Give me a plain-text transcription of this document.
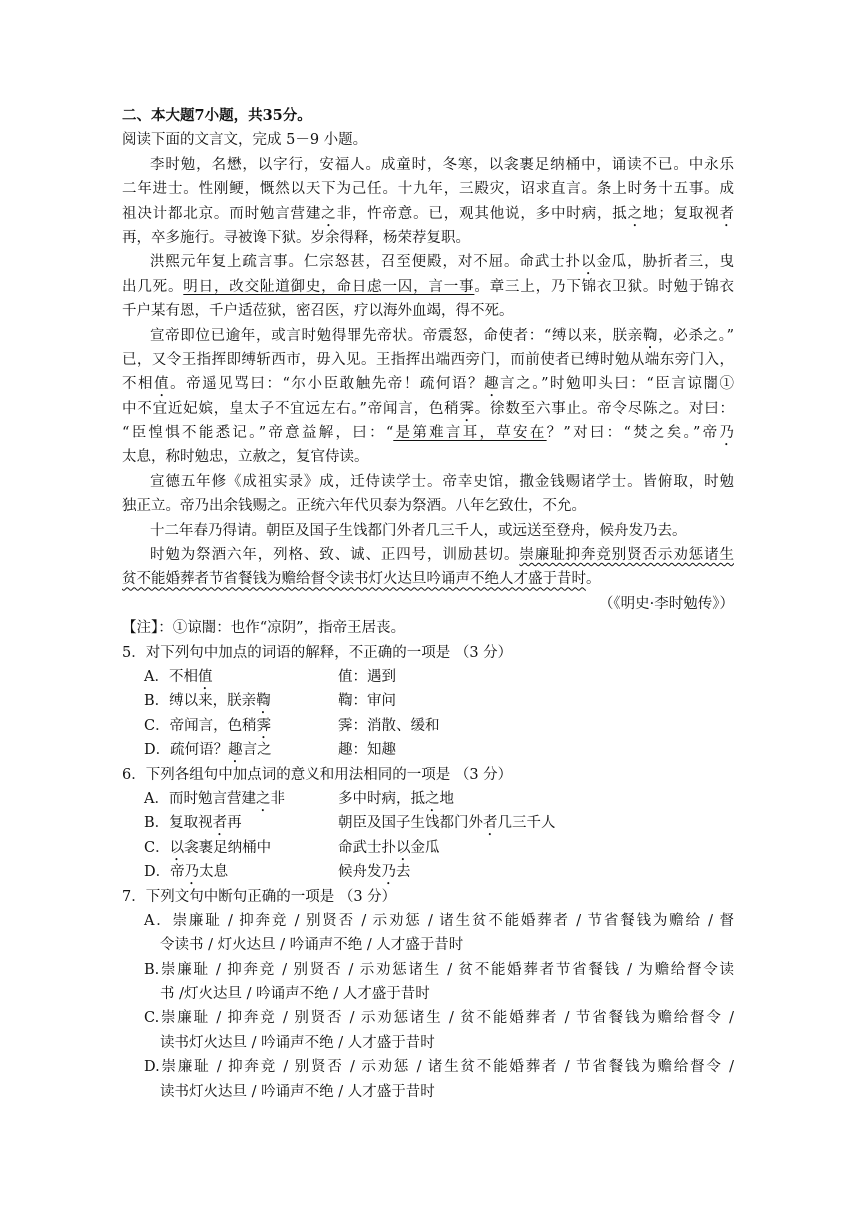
二、本大题7小题，共35分。
阅读下面的文言文，完成 5－9 小题。
李时勉，名懋，以字行，安福人。成童时，冬寒，以衾裹足纳桶中，诵读不已。中永乐
二年进士。性刚鲠，慨然以天下为己任。十九年，三殿灾，诏求直言。条上时务十五事。成
祖决计都北京。而时勉言营建之非，忤帝意。已，观其他说，多中时病，抵之地；复取视者
再，卒多施行。寻被谗下狱。岁余得释，杨荣荐复职。
洪熙元年复上疏言事。仁宗怒甚，召至便殿，对不屈。命武士扑以金瓜，胁折者三，曳
出几死。明日，改交阯道御史，命日虑一囚，言一事。章三上，乃下锦衣卫狱。时勉于锦衣
千户某有恩，千户适莅狱，密召医，疗以海外血竭，得不死。
宣帝即位已逾年，或言时勉得罪先帝状。帝震怒，命使者：“缚以来，朕亲鞫，必杀之。”
已，又令王指挥即缚斩西市，毋入见。王指挥出端西旁门，而前使者已缚时勉从端东旁门入，
不相值。帝遥见骂曰：“尔小臣敢触先帝！疏何语？趣言之。”时勉叩头曰：“臣言谅闇①
中不宜近妃嫔，皇太子不宜远左右。”帝闻言，色稍霁。徐数至六事止。帝令尽陈之。对曰：
“臣惶惧不能悉记。”帝意益解，曰：“是第难言耳，草安在？”对曰：“焚之矣。”帝乃
太息，称时勉忠，立赦之，复官侍读。
宣德五年修《成祖实录》成，迁侍读学士。帝幸史馆，撒金钱赐诸学士。皆俯取，时勉
独正立。帝乃出余钱赐之。正统六年代贝泰为祭酒。八年乞致仕，不允。
十二年春乃得请。朝臣及国子生饯都门外者几三千人，或远送至登舟，候舟发乃去。
时勉为祭酒六年，列格、致、诚、正四号，训励甚切。崇廉耻抑奔竞别贤否示劝惩诸生
贫不能婚葬者节省餐钱为赡给督令读书灯火达旦吟诵声不绝人才盛于昔时。
（《明史·李时勉传》）
【注】：①谅闇：也作“凉阴”，指帝王居丧。
5．对下列句中加点的词语的解释，不正确的一项是 （3 分）
A．不相值	值：遇到
B．缚以来，朕亲鞫	鞫：审问
C．帝闻言，色稍霁	霁：消散、缓和
D．疏何语？趣言之	趣：知趣
6．下列各组句中加点词的意义和用法相同的一项是 （3 分）
A．而时勉言营建之非	多中时病，抵之地
B．复取视者再	朝臣及国子生饯都门外者几三千人
C．以衾裹足纳桶中	命武士扑以金瓜
D．帝乃太息	候舟发乃去
7．下列文句中断句正确的一项是 （3 分）
A．崇廉耻 / 抑奔竞 / 别贤否 / 示劝惩 / 诸生贫不能婚葬者 / 节省餐钱为赡给 / 督
令读书 / 灯火达旦 / 吟诵声不绝 / 人才盛于昔时
B.崇廉耻 / 抑奔竞 / 别贤否 / 示劝惩诸生 / 贫不能婚葬者节省餐钱 / 为赡给督令读
书 /灯火达旦 / 吟诵声不绝 / 人才盛于昔时
C.崇廉耻 / 抑奔竞 / 别贤否 / 示劝惩诸生 / 贫不能婚葬者 / 节省餐钱为赡给督令 /
读书灯火达旦 / 吟诵声不绝 / 人才盛于昔时
D.崇廉耻 / 抑奔竞 / 别贤否 / 示劝惩 / 诸生贫不能婚葬者 / 节省餐钱为赡给督令 /
读书灯火达旦 / 吟诵声不绝 / 人才盛于昔时
